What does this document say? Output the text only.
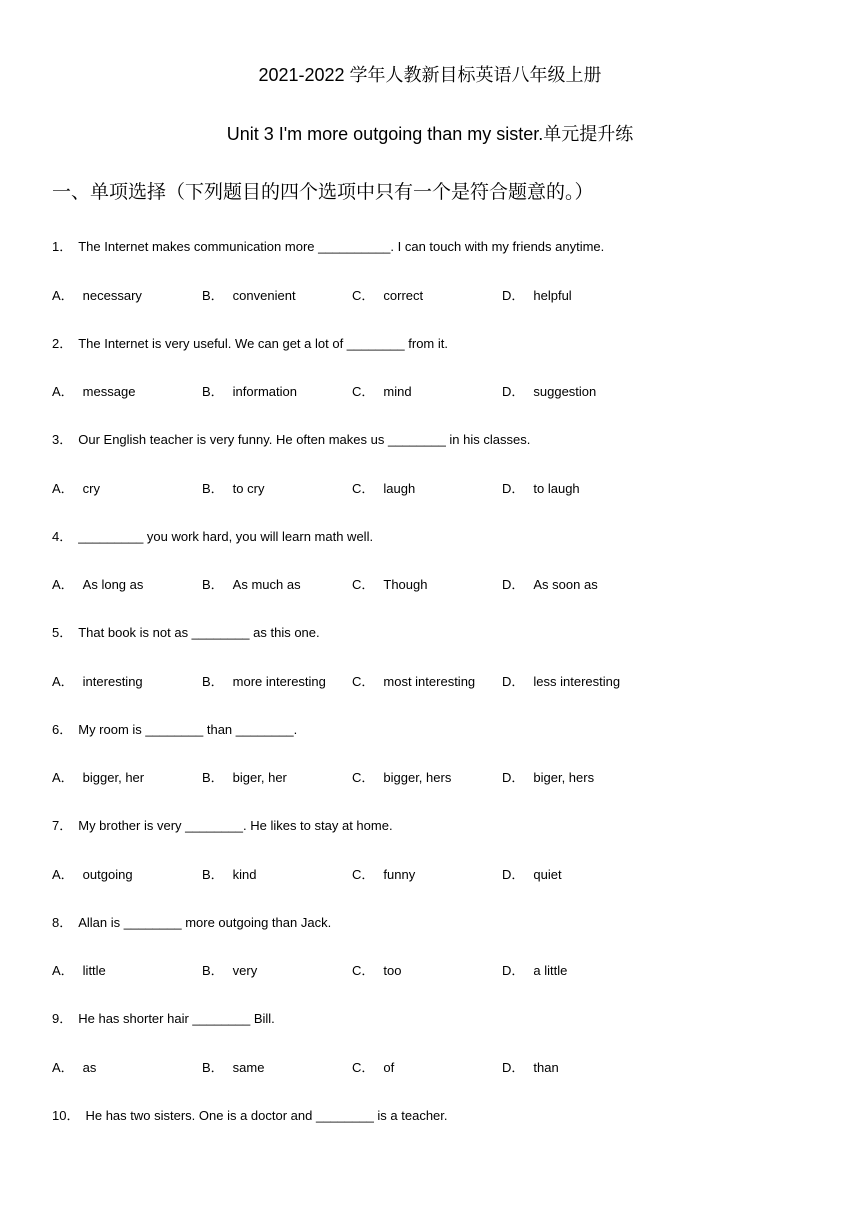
2021-2022 学年人教新目标英语八年级上册
Unit 3 I'm more outgoing than my sister.单元提升练
一、单项选择（下列题目的四个选项中只有一个是符合题意的。）
1． The Internet makes communication more __________. I can touch with my friends anytime.
A． necessary	B． convenient	C． correct	D． helpful
2． The Internet is very useful. We can get a lot of ________ from it.
A． message	B． information	C． mind	D． suggestion
3． Our English teacher is very funny. He often makes us ________ in his classes.
A． cry	B． to cry	C． laugh	D． to laugh
4． _________ you work hard, you will learn math well.
A． As long as	B． As much as	C． Though	D． As soon as
5． That book is not as ________ as this one.
A． interesting	B． more interesting C． most interesting D． less interesting
6． My room is ________ than ________.
A． bigger, her	B． biger, her	C． bigger, hers	D． biger, hers
7． My brother is very ________. He likes to stay at home.
A． outgoing	B． kind	C． funny	D． quiet
8． Allan is ________ more outgoing than Jack.
A． little	B． very	C． too	D． a little
9． He has shorter hair ________ Bill.
A． as	B． same	C． of	D． than
10． He has two sisters. One is a doctor and ________ is a teacher.
